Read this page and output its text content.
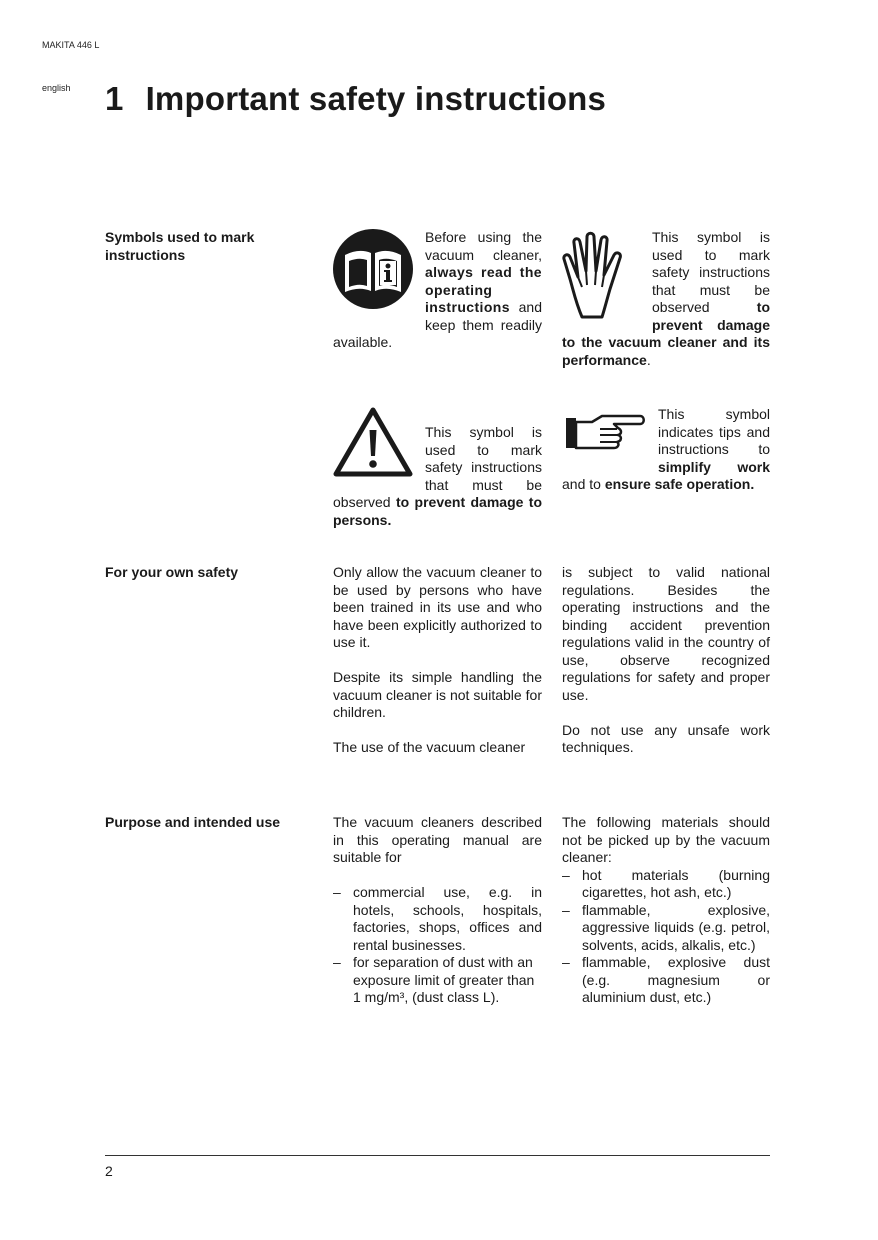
MAKITA 446 L
english 1 Important safety instructions
Symbols used to mark instructions
Before using the vacuum cleaner, always read the operating instructions and keep them readily available.
This symbol is used to mark safety instructions that must be observed to prevent damage to the vacuum cleaner and its performance.
This symbol is used to mark safety instructions that must be observed to prevent damage to persons.
This symbol indicates tips and instructions to simplify work and to ensure safe operation.
For your own safety	Only allow the vacuum cleaner to be used by persons who have been trained in its use and who have been explicitly authorized to use it.

Despite its simple handling the vacuum cleaner is not suitable for children.

The use of the vacuum cleaner

is subject to valid national regulations. Besides the operating instructions and the binding accident prevention regulations valid in the country of use, observe recognized regulations for safety and proper use.

Do not use any unsafe work techniques.

Purpose and intended use	The vacuum cleaners described in this operating manual are suitable for

– commercial use, e.g. in hotels, schools, hospitals, factories, shops, offices and rental businesses.
– for separation of dust with an exposure limit of greater than 1 mg/m³, (dust class L).

The following materials should not be picked up by the vacuum cleaner:

– hot materials (burning cigarettes, hot ash, etc.)
– flammable, explosive, aggressive liquids (e.g. petrol, solvents, acids, alkalis, etc.)
– flammable, explosive dust (e.g. magnesium or aluminium dust, etc.)
2
